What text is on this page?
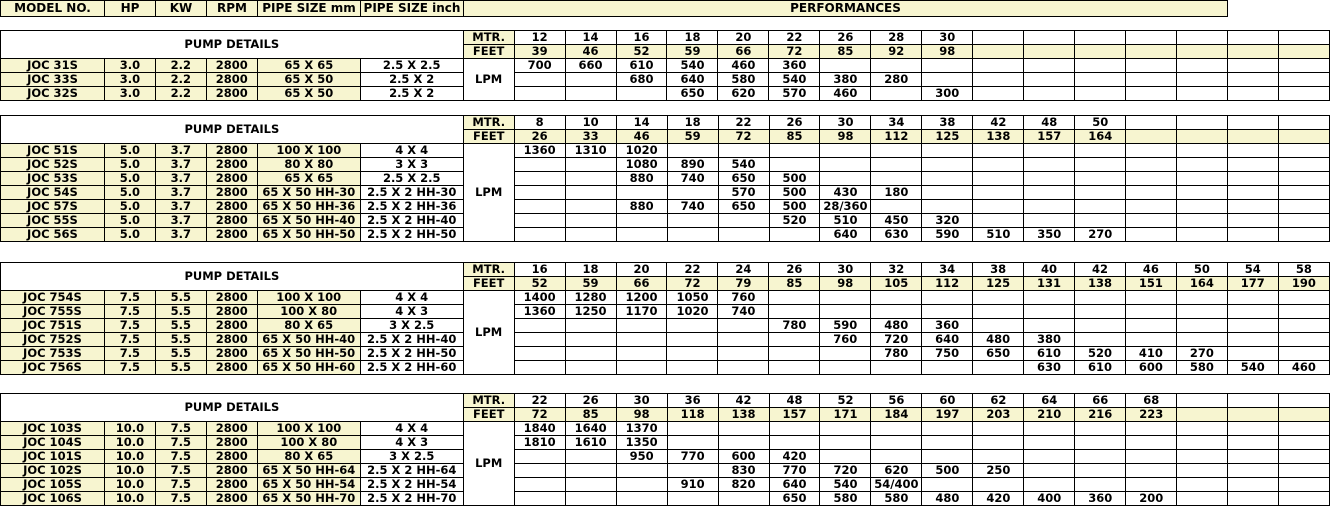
MODEL NO.	HP	KW	RPM	PIPE SIZE mm	PIPE SIZE inch	PERFORMANCES
PUMP DETAILS						MTR.	12	14	16	18	20	22	26	28	30							
						FEET	39	46	52	59	66	72	85	92	98							
JOC 31S	3.0	2.2	2800	65 X 65	2.5 X 2.5	LPM	700	660	610	540	460	360										
JOC 33S	3.0	2.2	2800	65 X 50	2.5 X 2				680	640	580	540	380	280								
JOC 32S	3.0	2.2	2800	65 X 50	2.5 X 2					650	620	570	460		300							
PUMP DETAILS						MTR.	8	10	14	18	22	26	30	34	38	42	48	50				
						FEET	26	33	46	59	72	85	98	112	125	138	157	164				
JOC 51S	5.0	3.7	2800	100 X 100	4 X 4	LPM	1360	1310	1020													
JOC 52S	5.0	3.7	2800	80 X 80	3 X 3				1080	890	540											
JOC 53S	5.0	3.7	2800	65 X 65	2.5 X 2.5				880	740	650	500										
JOC 54S	5.0	3.7	2800	65 X 50 HH-30	2.5 X 2 HH-30						570	500	430	180								
JOC 57S	5.0	3.7	2800	65 X 50 HH-36	2.5 X 2 HH-36				880	740	650	500	28/360									
JOC 55S	5.0	3.7	2800	65 X 50 HH-40	2.5 X 2 HH-40							520	510	450	320							
JOC 56S	5.0	3.7	2800	65 X 50 HH-50	2.5 X 2 HH-50								640	630	590	510	350	270				
PUMP DETAILS						MTR.	16	18	20	22	24	26	30	32	34	38	40	42	46	50	54	58
						FEET	52	59	66	72	79	85	98	105	112	125	131	138	151	164	177	190
JOC 754S	7.5	5.5	2800	100 X 100	4 X 4	LPM	1400	1280	1200	1050	760											
JOC 755S	7.5	5.5	2800	100 X 80	4 X 3		1360	1250	1170	1020	740											
JOC 751S	7.5	5.5	2800	80 X 65	3 X 2.5							780	590	480	360							
JOC 752S	7.5	5.5	2800	65 X 50 HH-40	2.5 X 2 HH-40								760	720	640	480	380					
JOC 753S	7.5	5.5	2800	65 X 50 HH-50	2.5 X 2 HH-50									780	750	650	610	520	410	270		
JOC 756S	7.5	5.5	2800	65 X 50 HH-60	2.5 X 2 HH-60												630	610	600	580	540	460
PUMP DETAILS						MTR.	22	26	30	36	42	48	52	56	60	62	64	66	68			
						FEET	72	85	98	118	138	157	171	184	197	203	210	216	223			
JOC 103S	10.0	7.5	2800	100 X 100	4 X 4	LPM	1840	1640	1370													
JOC 104S	10.0	7.5	2800	100 X 80	4 X 3		1810	1610	1350													
JOC 101S	10.0	7.5	2800	80 X 65	3 X 2.5				950	770	600	420										
JOC 102S	10.0	7.5	2800	65 X 50 HH-64	2.5 X 2 HH-64						830	770	720	620	500	250						
JOC 105S	10.0	7.5	2800	65 X 50 HH-54	2.5 X 2 HH-54					910	820	640	540	54/400								
JOC 106S	10.0	7.5	2800	65 X 50 HH-70	2.5 X 2 HH-70							650	580	580	480	420	400	360	200			
